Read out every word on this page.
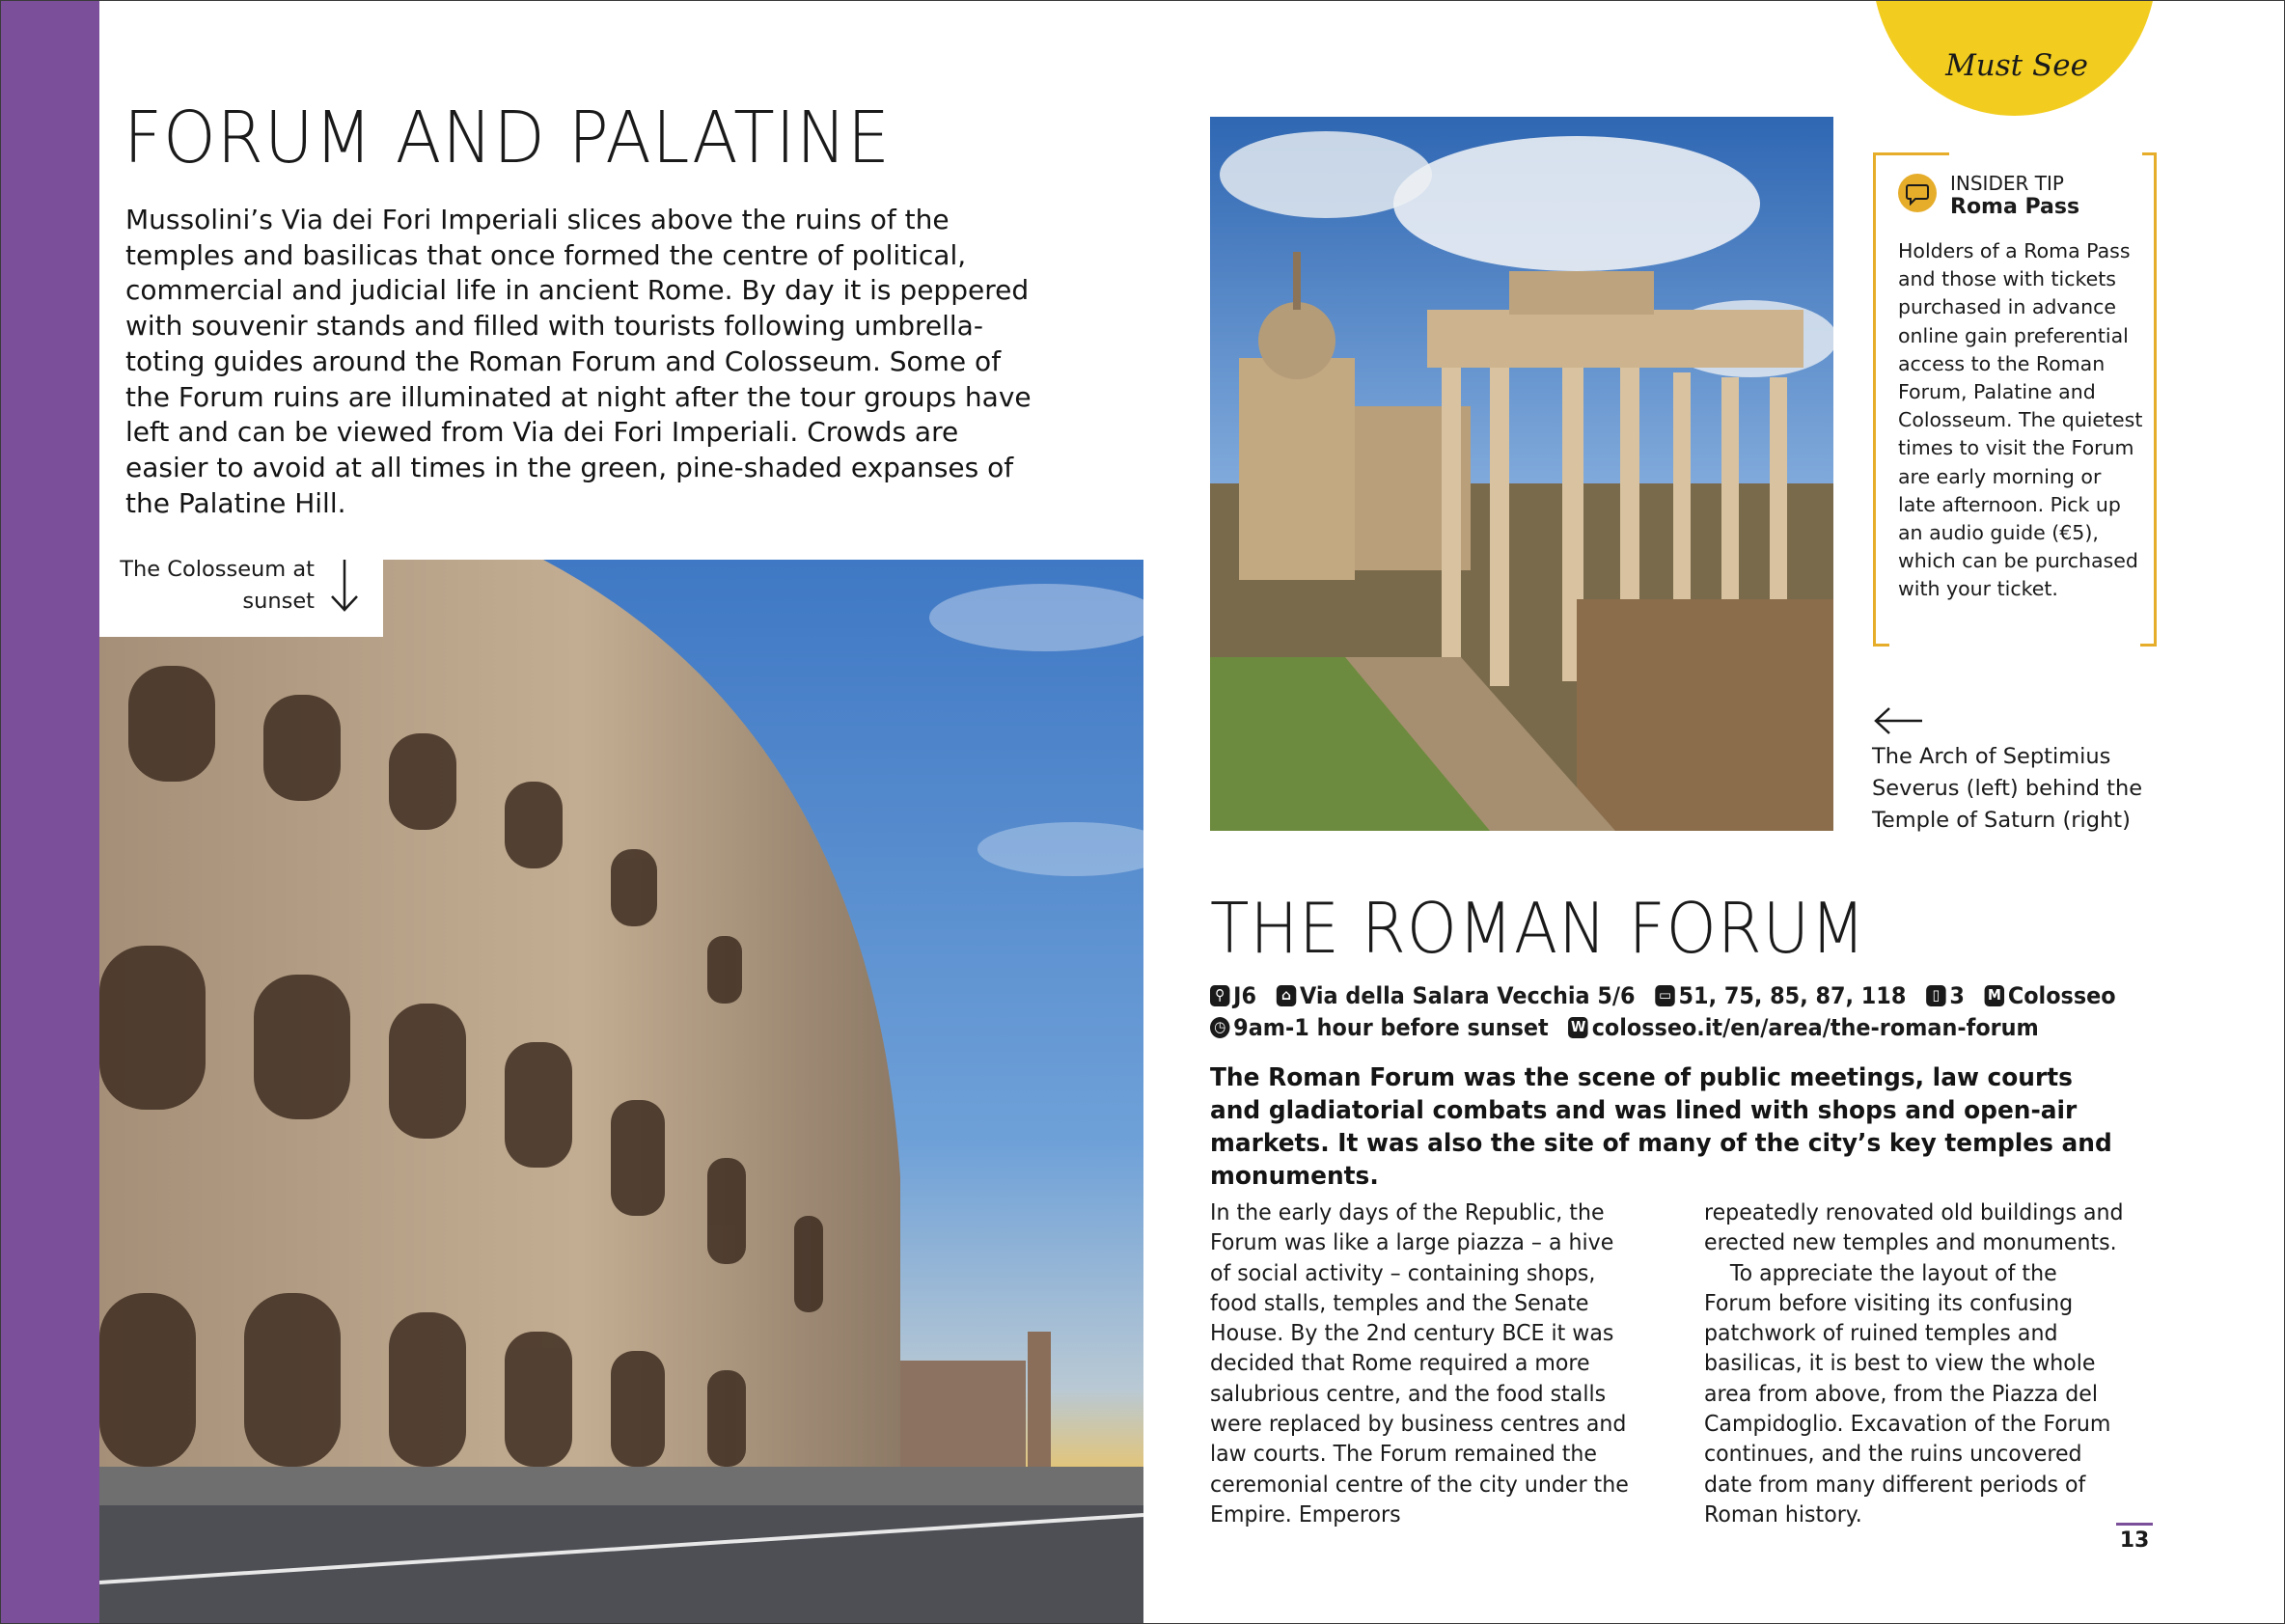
Must See
FORUM AND PALATINE
Mussolini’s Via dei Fori Imperiali slices above the ruins of the temples and basilicas that once formed the centre of political, commercial and judicial life in ancient Rome. By day it is peppered with souvenir stands and filled with tourists following umbrella-toting guides around the Roman Forum and Colosseum. Some of the Forum ruins are illuminated at night after the tour groups have left and can be viewed from Via dei Fori Imperiali. Crowds are easier to avoid at all times in the green, pine-shaded expanses of the Palatine Hill.
The Colosseum at sunset
INSIDER TIP
Roma Pass
Holders of a Roma Pass and those with tickets purchased in advance online gain preferential access to the Roman Forum, Palatine and Colosseum. The quietest times to visit the Forum are early morning or late afternoon. Pick up an audio guide (€5), which can be purchased with your ticket.
The Arch of Septimius Severus (left) behind the Temple of Saturn (right)
THE ROMAN FORUM
⚲ J6	⌂ Via della Salara Vecchia 5/6 ▭ 51, 75, 85, 87, 118	▯ 3 M Colosseo
◷ 9am-1 hour before sunset W colosseo.it/en/area/the-roman-forum
The Roman Forum was the scene of public meetings, law courts and gladiatorial combats and was lined with shops and open-air markets. It was also the site of many of the city’s key temples and monuments.
In the early days of the Republic, the Forum was like a large piazza – a hive of social activity – containing shops, food stalls, temples and the Senate House. By the 2nd century BCE it was decided that Rome required a more salubrious centre, and the food stalls were replaced by business centres and law courts. The Forum remained the ceremonial centre of the city under the Empire. Emperors
repeatedly renovated old buildings and erected new temples and monuments.
To appreciate the layout of the Forum before visiting its confusing patchwork of ruined temples and basilicas, it is best to view the whole area from above, from the Piazza del Campidoglio. Excavation of the Forum continues, and the ruins uncovered date from many different periods of Roman history.
13
